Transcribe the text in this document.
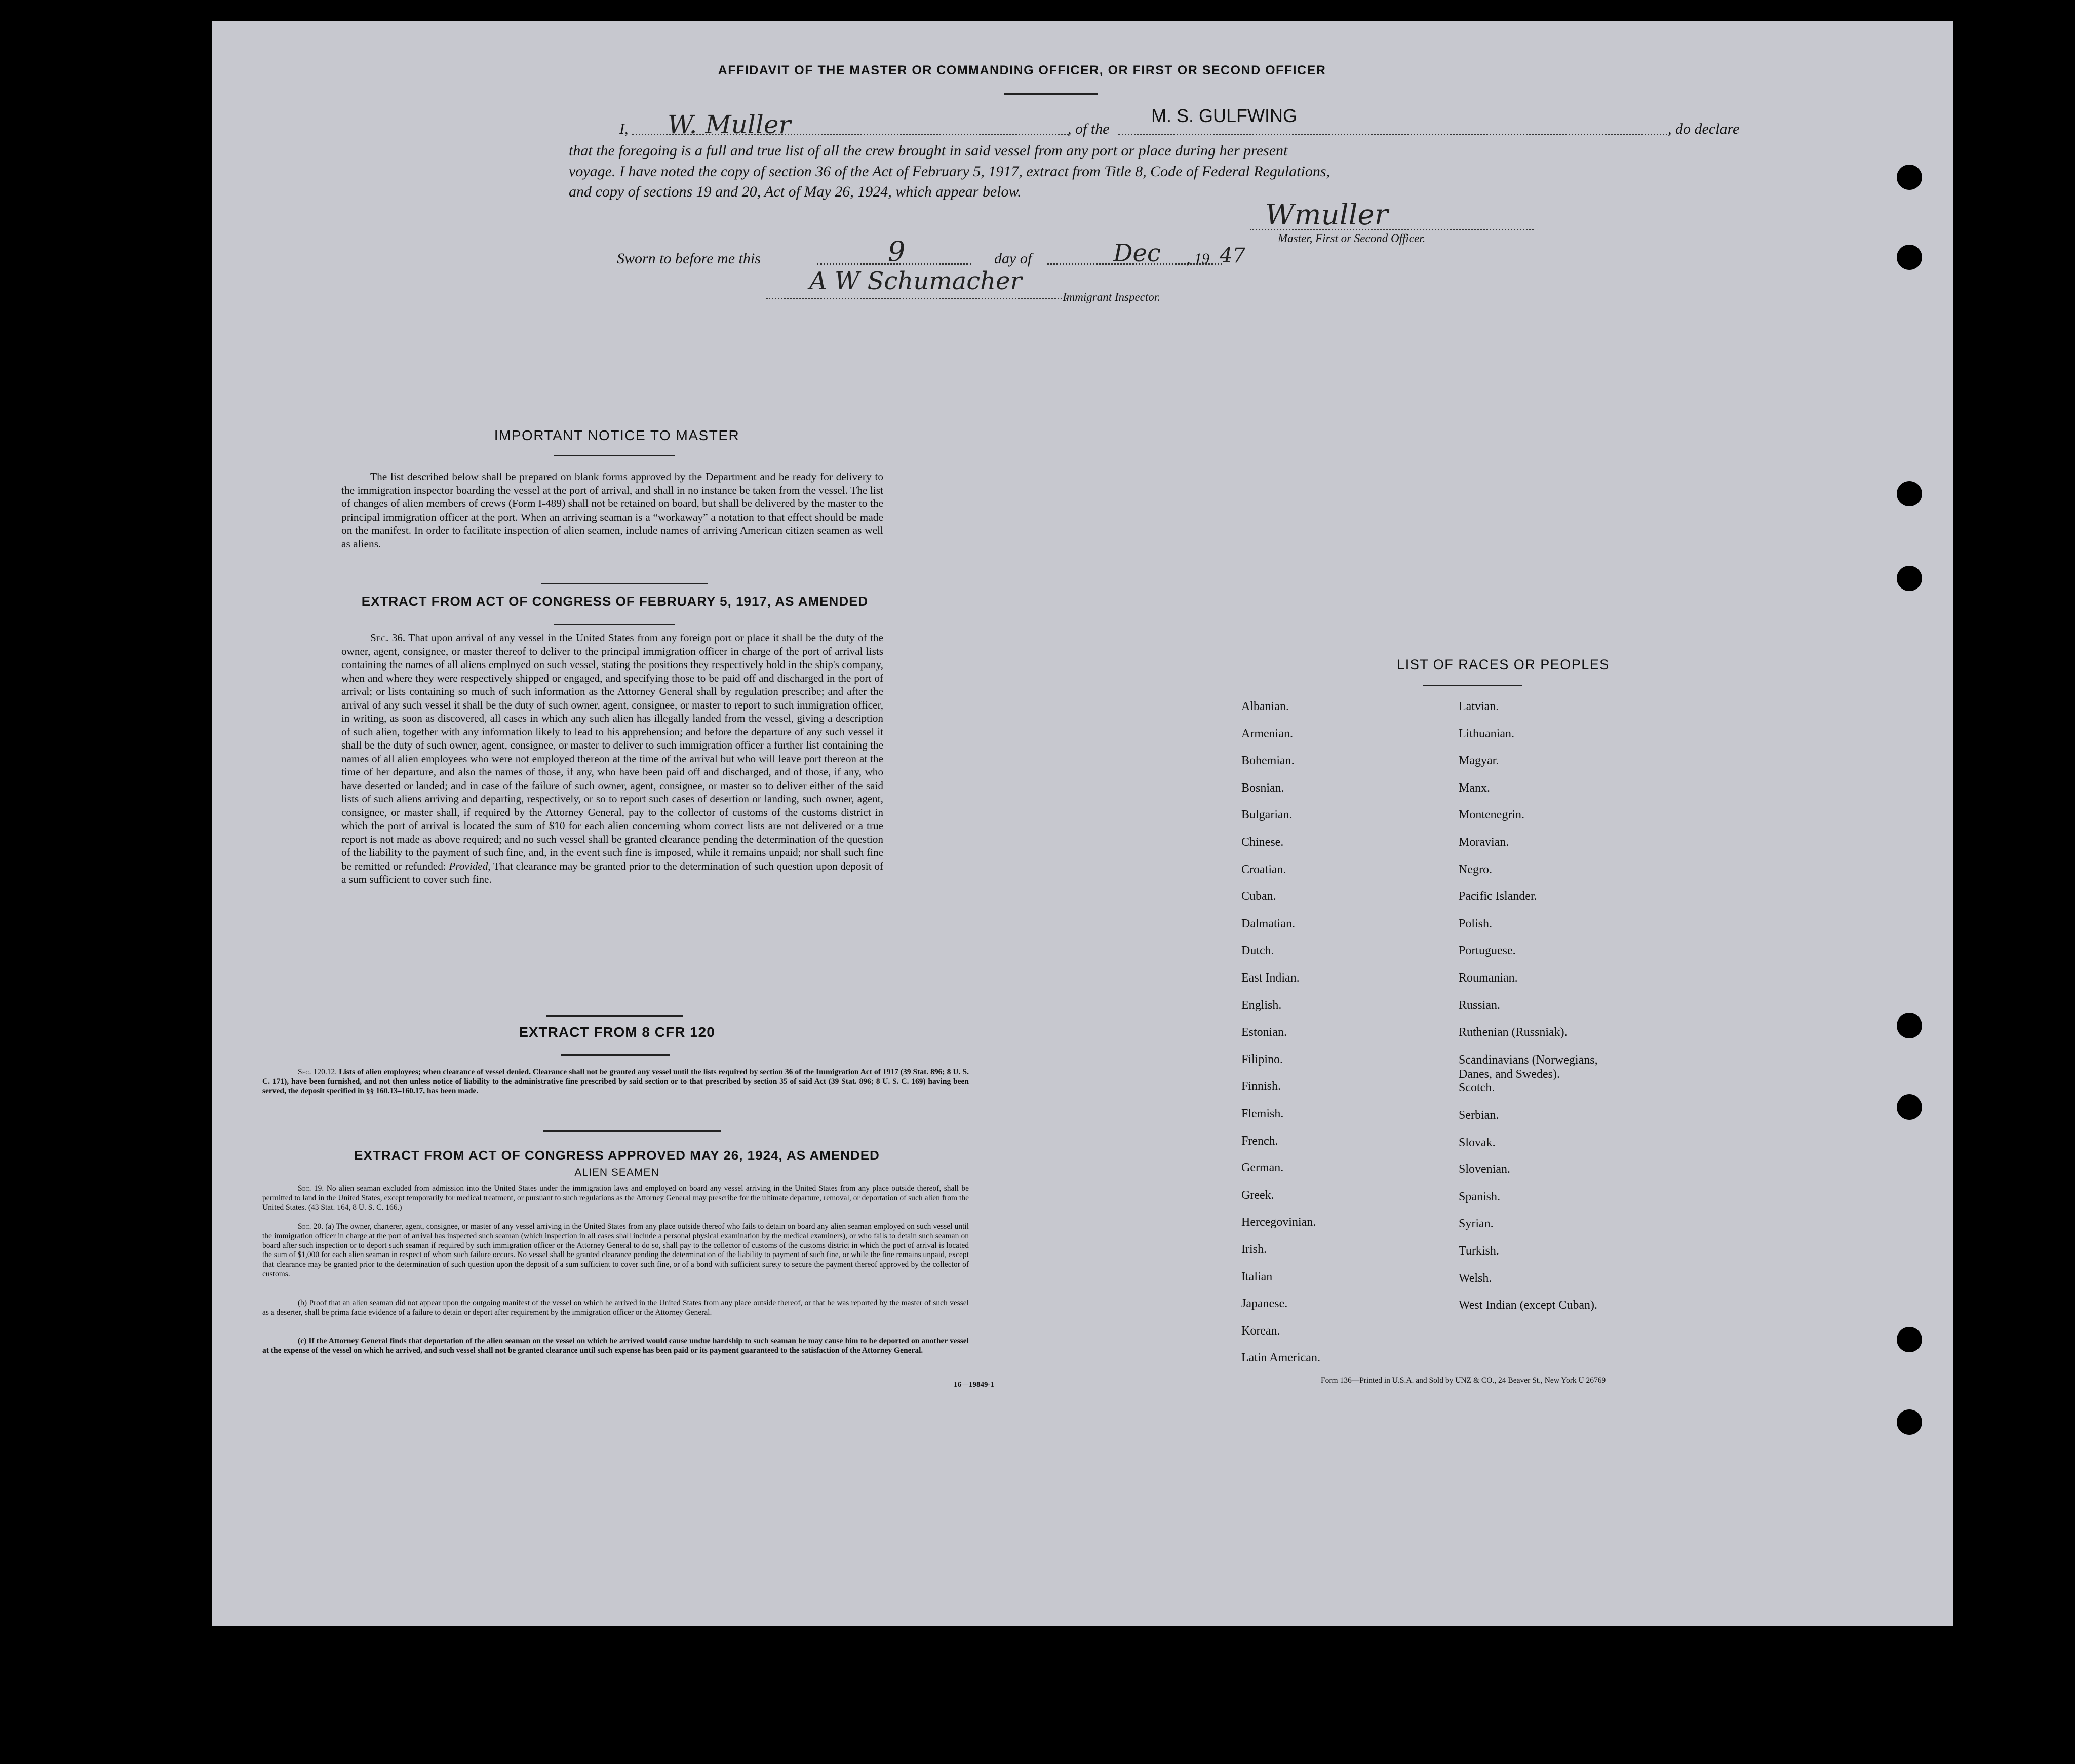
AFFIDAVIT OF THE MASTER OR COMMANDING OFFICER, OR FIRST OR SECOND OFFICER
I, W. Muller	, of the
M. S. GULFWING
, do declare
that the foregoing is a full and true list of all the crew brought in said vessel from any port or place during her present
voyage. I have noted the copy of section 36 of the Act of February 5, 1917, extract from Title 8, Code of Federal Regulations,
and copy of sections 19 and 20, Act of May 26, 1924, which appear below.
Wmuller
Master, First or Second Officer.
Sworn to before me this	9	day of	Dec , 19 47
A W Schumacher
Immigrant Inspector.
IMPORTANT NOTICE TO MASTER
The list described below shall be prepared on blank forms approved by the Department and be ready for delivery to the immigration inspector boarding the vessel at the port of arrival, and shall in no instance be taken from the vessel. The list of changes of alien members of crews (Form I-489) shall not be retained on board, but shall be delivered by the master to the principal immigration officer at the port. When an arriving seaman is a “workaway” a notation to that effect should be made on the manifest. In order to facilitate inspection of alien seamen, include names of arriving American citizen seamen as well as aliens.
EXTRACT FROM ACT OF CONGRESS OF FEBRUARY 5, 1917, AS AMENDED
Sec. 36. That upon arrival of any vessel in the United States from any foreign port or place it shall be the duty of the owner, agent, consignee, or master thereof to deliver to the principal immigration officer in charge of the port of arrival lists containing the names of all aliens employed on such vessel, stating the positions they respectively hold in the ship's company, when and where they were respectively shipped or engaged, and specifying those to be paid off and discharged in the port of arrival; or lists containing so much of such information as the Attorney General shall by regulation prescribe; and after the arrival of any such vessel it shall be the duty of such owner, agent, consignee, or master to report to such immigration officer, in writing, as soon as discovered, all cases in which any such alien has illegally landed from the vessel, giving a description of such alien, together with any information likely to lead to his apprehension; and before the departure of any such vessel it shall be the duty of such owner, agent, consignee, or master to deliver to such immigration officer a further list containing the names of all alien employees who were not employed thereon at the time of the arrival but who will leave port thereon at the time of her departure, and also the names of those, if any, who have been paid off and discharged, and of those, if any, who have deserted or landed; and in case of the failure of such owner, agent, consignee, or master so to deliver either of the said lists of such aliens arriving and departing, respectively, or so to report such cases of desertion or landing, such owner, agent, consignee, or master shall, if required by the Attorney General, pay to the collector of customs of the customs district in which the port of arrival is located the sum of $10 for each alien concerning whom correct lists are not delivered or a true report is not made as above required; and no such vessel shall be granted clearance pending the determination of the question of the liability to the payment of such fine, and, in the event such fine is imposed, while it remains unpaid; nor shall such fine be remitted or refunded: Provided, That clearance may be granted prior to the determination of such question upon deposit of a sum sufficient to cover such fine.
EXTRACT FROM 8 CFR 120
Sec. 120.12. Lists of alien employees; when clearance of vessel denied. Clearance shall not be granted any vessel until the lists required by section 36 of the Immigration Act of 1917 (39 Stat. 896; 8 U. S. C. 171), have been furnished, and not then unless notice of liability to the administrative fine prescribed by said section or to that prescribed by section 35 of said Act (39 Stat. 896; 8 U. S. C. 169) having been served, the deposit specified in §§ 160.13–160.17, has been made.
EXTRACT FROM ACT OF CONGRESS APPROVED MAY 26, 1924, AS AMENDED
ALIEN SEAMEN
Sec. 19. No alien seaman excluded from admission into the United States under the immigration laws and employed on board any vessel arriving in the United States from any place outside thereof, shall be permitted to land in the United States, except temporarily for medical treatment, or pursuant to such regulations as the Attorney General may prescribe for the ultimate departure, removal, or deportation of such alien from the United States. (43 Stat. 164, 8 U. S. C. 166.)
Sec. 20. (a) The owner, charterer, agent, consignee, or master of any vessel arriving in the United States from any place outside thereof who fails to detain on board any alien seaman employed on such vessel until the immigration officer in charge at the port of arrival has inspected such seaman (which inspection in all cases shall include a personal physical examination by the medical examiners), or who fails to detain such seaman on board after such inspection or to deport such seaman if required by such immigration officer or the Attorney General to do so, shall pay to the collector of customs of the customs district in which the port of arrival is located the sum of $1,000 for each alien seaman in respect of whom such failure occurs. No vessel shall be granted clearance pending the determination of the liability to payment of such fine, or while the fine remains unpaid, except that clearance may be granted prior to the determination of such question upon the deposit of a sum sufficient to cover such fine, or of a bond with sufficient surety to secure the payment thereof approved by the collector of customs.
(b) Proof that an alien seaman did not appear upon the outgoing manifest of the vessel on which he arrived in the United States from any place outside thereof, or that he was reported by the master of such vessel as a deserter, shall be prima facie evidence of a failure to detain or deport after requirement by the immigration officer or the Attorney General.
(c) If the Attorney General finds that deportation of the alien seaman on the vessel on which he arrived would cause undue hardship to such seaman he may cause him to be deported on another vessel at the expense of the vessel on which he arrived, and such vessel shall not be granted clearance until such expense has been paid or its payment guaranteed to the satisfaction of the Attorney General.
16—19849-1
LIST OF RACES OR PEOPLES
Form 136—Printed in U.S.A. and Sold by UNZ & CO., 24 Beaver St., New York U 26769
Albanian.
Armenian.
Bohemian.
Bosnian.
Bulgarian.
Chinese.
Croatian.
Cuban.
Dalmatian.
Dutch.
East Indian.
English.
Estonian.
Filipino.
Finnish.
Flemish.
French.
German.
Greek.
Hercegovinian.
Irish.
Italian
Japanese.
Korean.
Latin American.
Latvian.
Lithuanian.
Magyar.
Manx.
Montenegrin.
Moravian.
Negro.
Pacific Islander.
Polish.
Portuguese.
Roumanian.
Russian.
Ruthenian (Russniak).
Scandinavians (Norwegians, Danes, and Swedes).
Scotch.
Serbian.
Slovak.
Slovenian.
Spanish.
Syrian.
Turkish.
Welsh.
West Indian (except Cuban).
